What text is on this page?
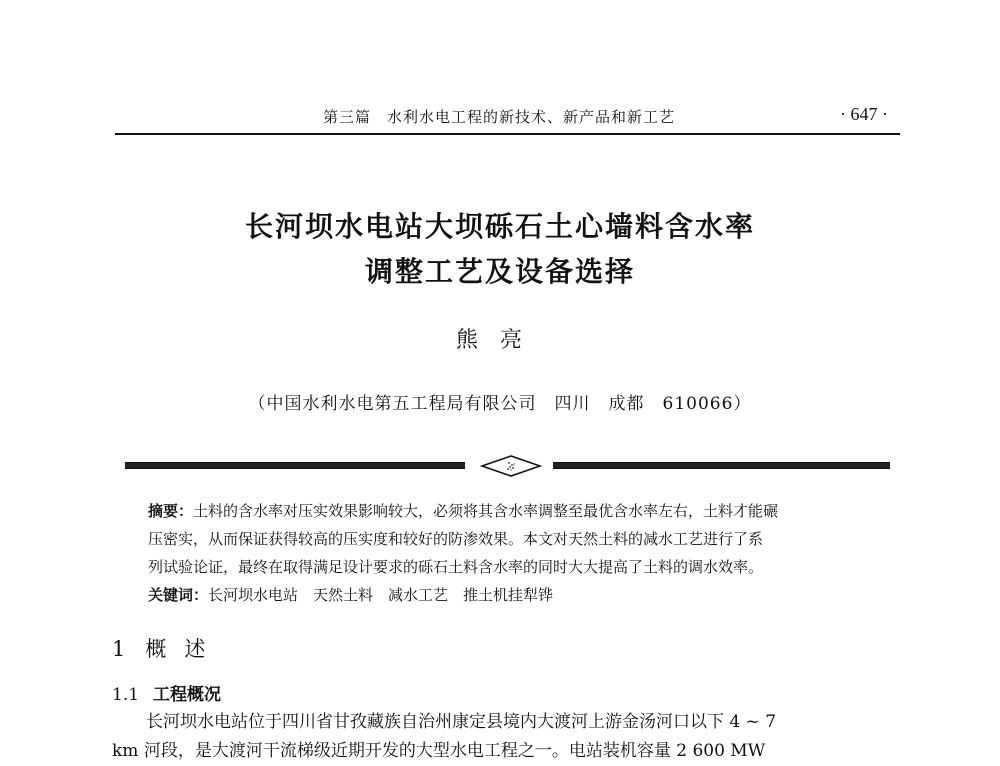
第三篇　水利水电工程的新技术、新产品和新工艺	· 647 ·
长河坝水电站大坝砾石土心墙料含水率
调整工艺及设备选择
熊亮
（中国水利水电第五工程局有限公司　四川　成都　610066）
摘要：土料的含水率对压实效果影响较大，必须将其含水率调整至最优含水率左右，土料才能碾
压密实，从而保证获得较高的压实度和较好的防渗效果。本文对天然土料的减水工艺进行了系
列试验论证，最终在取得满足设计要求的砾石土料含水率的同时大大提高了土料的调水效率。
关键词：长河坝水电站　天然土料　减水工艺　推土机挂犁铧
1 概述
1.1 工程概况
长河坝水电站位于四川省甘孜藏族自治州康定县境内大渡河上游金汤河口以下 4 ~ 7
km 河段，是大渡河干流梯级近期开发的大型水电工程之一。电站装机容量 2 600 MW
